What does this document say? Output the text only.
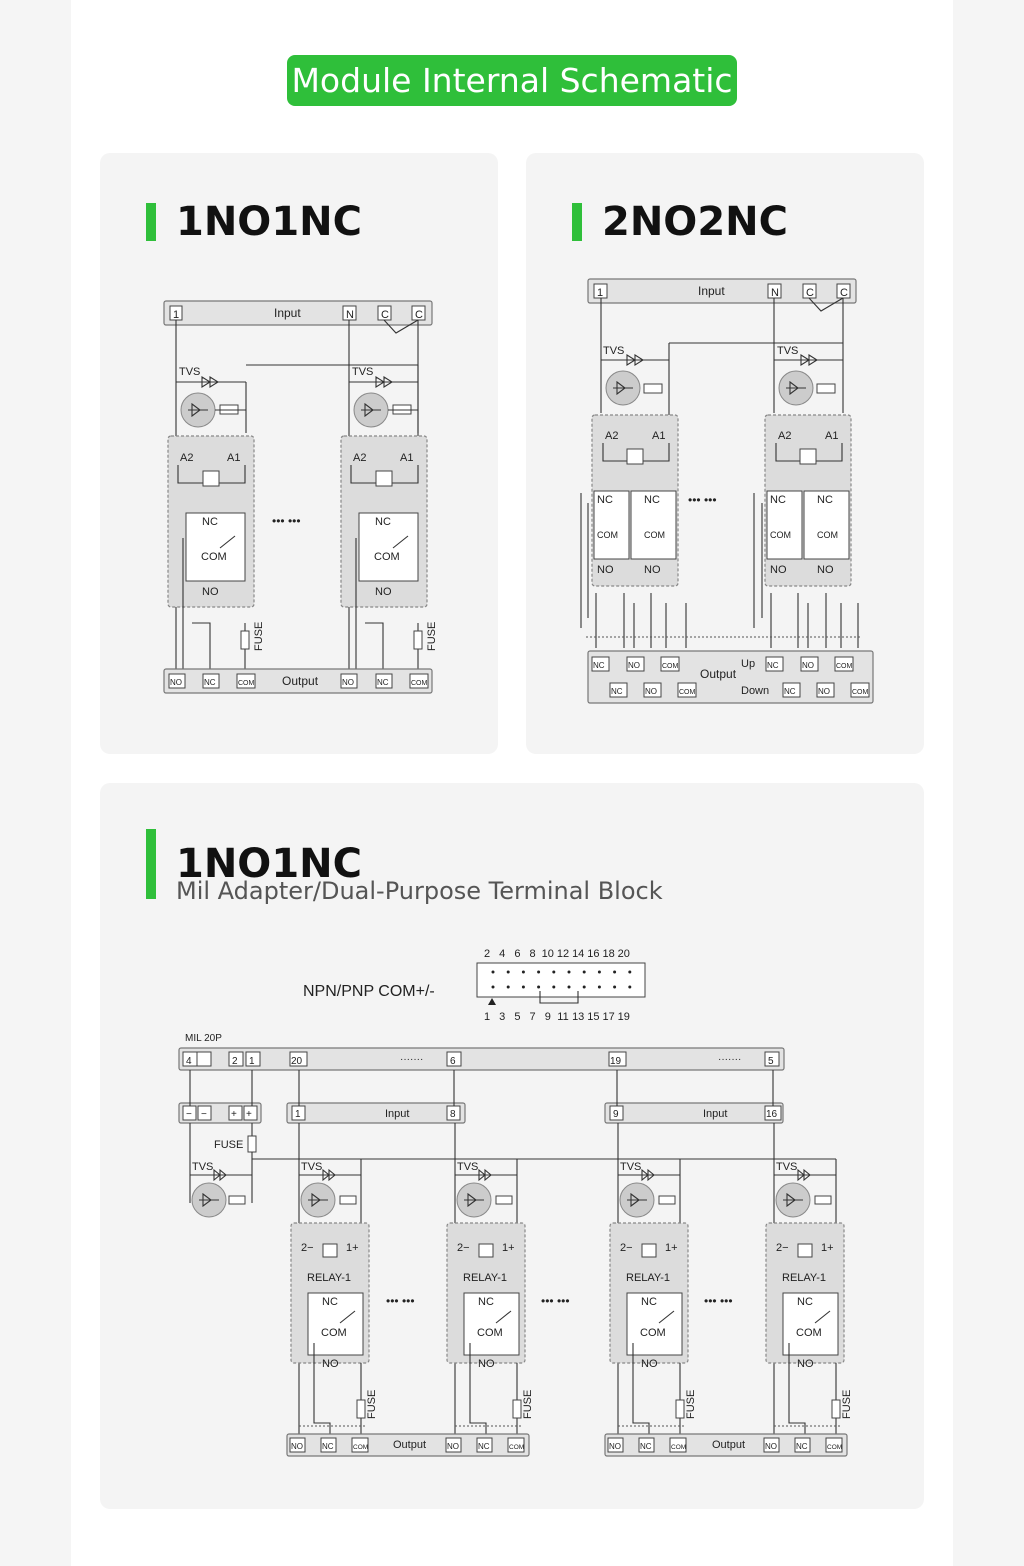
Module Internal Schematic
1NO1NC
1	Input	N C C
TVS
A2	A1
NC
COM
NO
FUSE
••• •••
TVS
A2	A1
NC
COM
NO
FUSE
NO	NC	COM Output	NO	NC	COM
2NO2NC
1	Input	N C C
TVS
A2	A1
NC	NC
COM	COM
NO	NO
••• •••
TVS
A2	A1
NC	NC
COM	COM
NO	NO
NC	NO	COM
Output
Up
Down
NC	NO	COM
NC	NO	COM	NC	NO	COM
1NO1NC
Mil Adapter/Dual-Purpose Terminal Block
NPN/PNP COM+/-
2 4 6 8 10 12 14 16 18 20
1 3 5 7 9 11 13 15 17 19
MIL 20P
4	2 1	20	·······	6	19	·······	5
− − + +
FUSE
TVS
1	Input	8	9	Input	16
TVS
2−	1+
RELAY-1
NC
COM
NO
FUSE
TVS
2−	1+
RELAY-1
NC
COM
NO
FUSE
TVS
2−	1+
RELAY-1
NC
COM
NO
FUSE
TVS
2−	1+
RELAY-1
NC
COM
NO
FUSE
••• •••	••• •••	••• •••
Output	Output
NO NC	COM	NO NC	COM	NO NC	COM	NO NC	COM
